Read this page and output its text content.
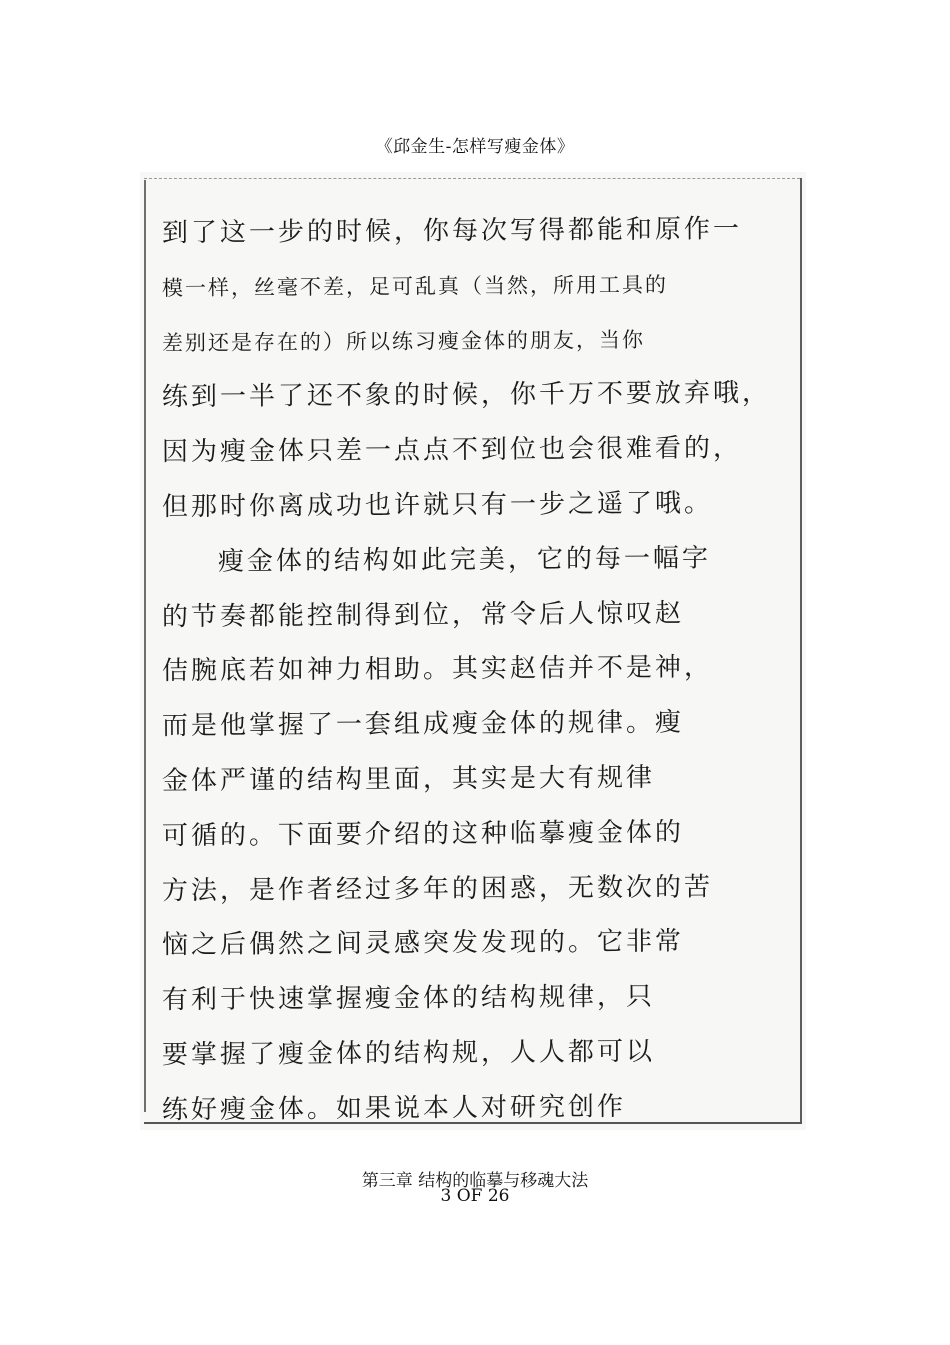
《邱金生-怎样写瘦金体》
到了这一步的时候，你每次写得都能和原作一
模一样，丝毫不差，足可乱真（当然，所用工具的
差别还是存在的）所以练习瘦金体的朋友，当你
练到一半了还不象的时候，你千万不要放弃哦，
因为瘦金体只差一点点不到位也会很难看的，
但那时你离成功也许就只有一步之遥了哦。
瘦金体的结构如此完美，它的每一幅字
的节奏都能控制得到位，常令后人惊叹赵
佶腕底若如神力相助。其实赵佶并不是神，
而是他掌握了一套组成瘦金体的规律。瘦
金体严谨的结构里面，其实是大有规律
可循的。下面要介绍的这种临摹瘦金体的
方法，是作者经过多年的困惑，无数次的苦
恼之后偶然之间灵感突发发现的。它非常
有利于快速掌握瘦金体的结构规律，只
要掌握了瘦金体的结构规，人人都可以
练好瘦金体。如果说本人对研究创作
第三章 结构的临摹与移魂大法
3 OF 26
